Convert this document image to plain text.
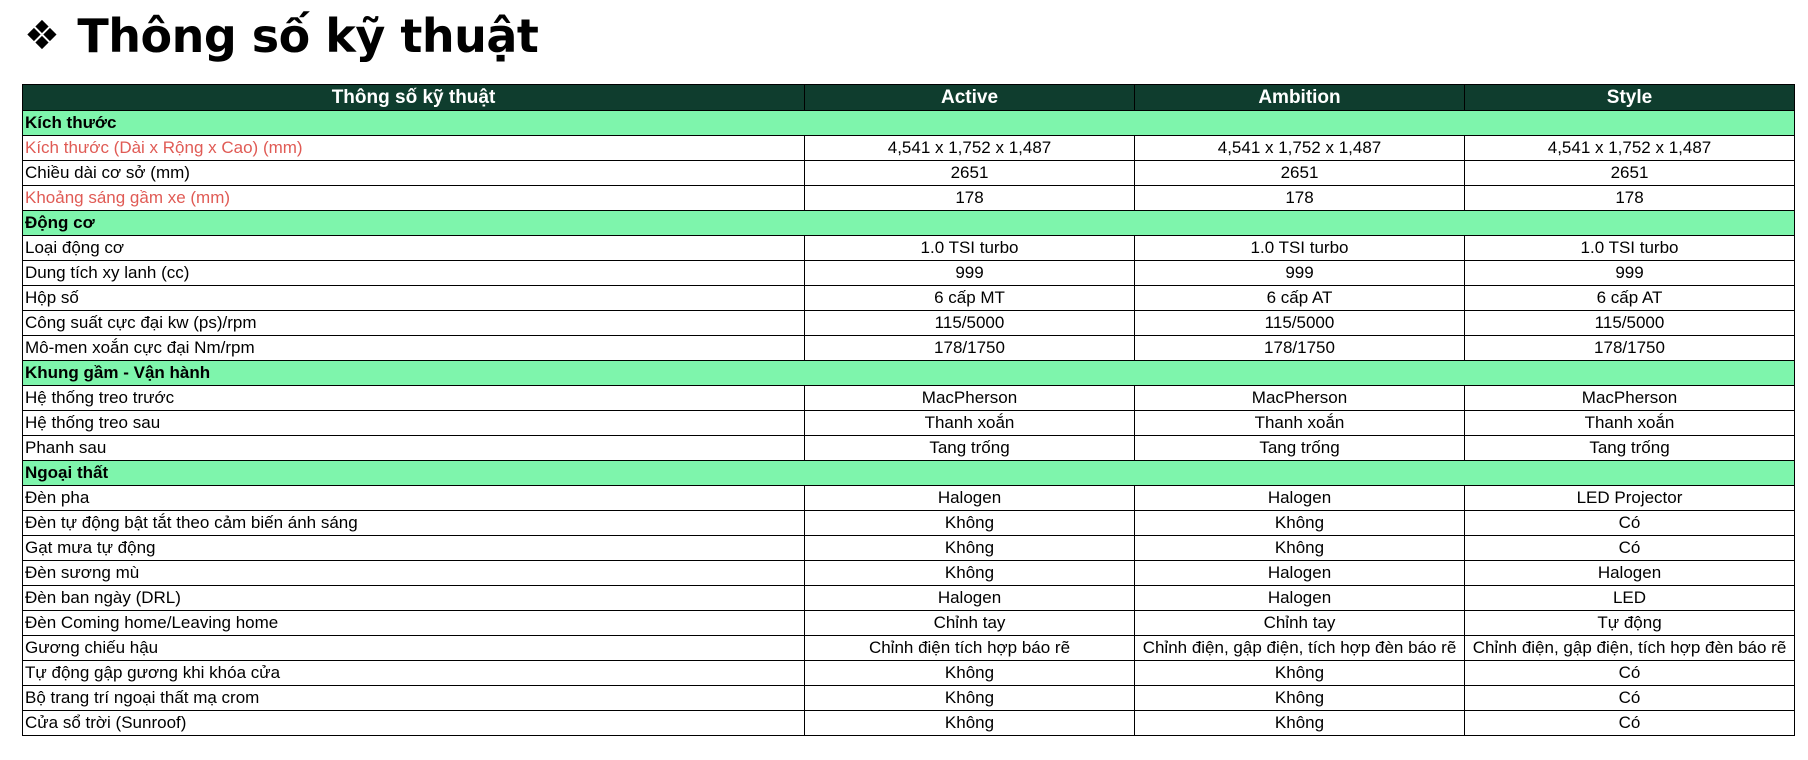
❖ Thông số kỹ thuật
Thông số kỹ thuật	Active	Ambition	Style
Kích thước			
Kích thước (Dài x Rộng x Cao) (mm)	4,541 x 1,752 x 1,487	4,541 x 1,752 x 1,487	4,541 x 1,752 x 1,487
Chiều dài cơ sở (mm)	2651	2651	2651
Khoảng sáng gầm xe (mm)	178	178	178
Động cơ			
Loại động cơ	1.0 TSI turbo	1.0 TSI turbo	1.0 TSI turbo
Dung tích xy lanh (cc)	999	999	999
Hộp số	6 cấp MT	6 cấp AT	6 cấp AT
Công suất cực đại kw (ps)/rpm	115/5000	115/5000	115/5000
Mô-men xoắn cực đại Nm/rpm	178/1750	178/1750	178/1750
Khung gầm - Vận hành			
Hệ thống treo trước	MacPherson	MacPherson	MacPherson
Hệ thống treo sau	Thanh xoắn	Thanh xoắn	Thanh xoắn
Phanh sau	Tang trống	Tang trống	Tang trống
Ngoại thất			
Đèn pha	Halogen	Halogen	LED Projector
Đèn tự động bật tắt theo cảm biến ánh sáng	Không	Không	Có
Gạt mưa tự động	Không	Không	Có
Đèn sương mù	Không	Halogen	Halogen
Đèn ban ngày (DRL)	Halogen	Halogen	LED
Đèn Coming home/Leaving home	Chỉnh tay	Chỉnh tay	Tự động
Gương chiếu hậu	Chỉnh điện tích hợp báo rẽ	Chỉnh điện, gập điện, tích hợp đèn báo rẽ	Chỉnh điện, gập điện, tích hợp đèn báo rẽ
Tự động gập gương khi khóa cửa	Không	Không	Có
Bộ trang trí ngoại thất mạ crom	Không	Không	Có
Cửa sổ trời (Sunroof)	Không	Không	Có
